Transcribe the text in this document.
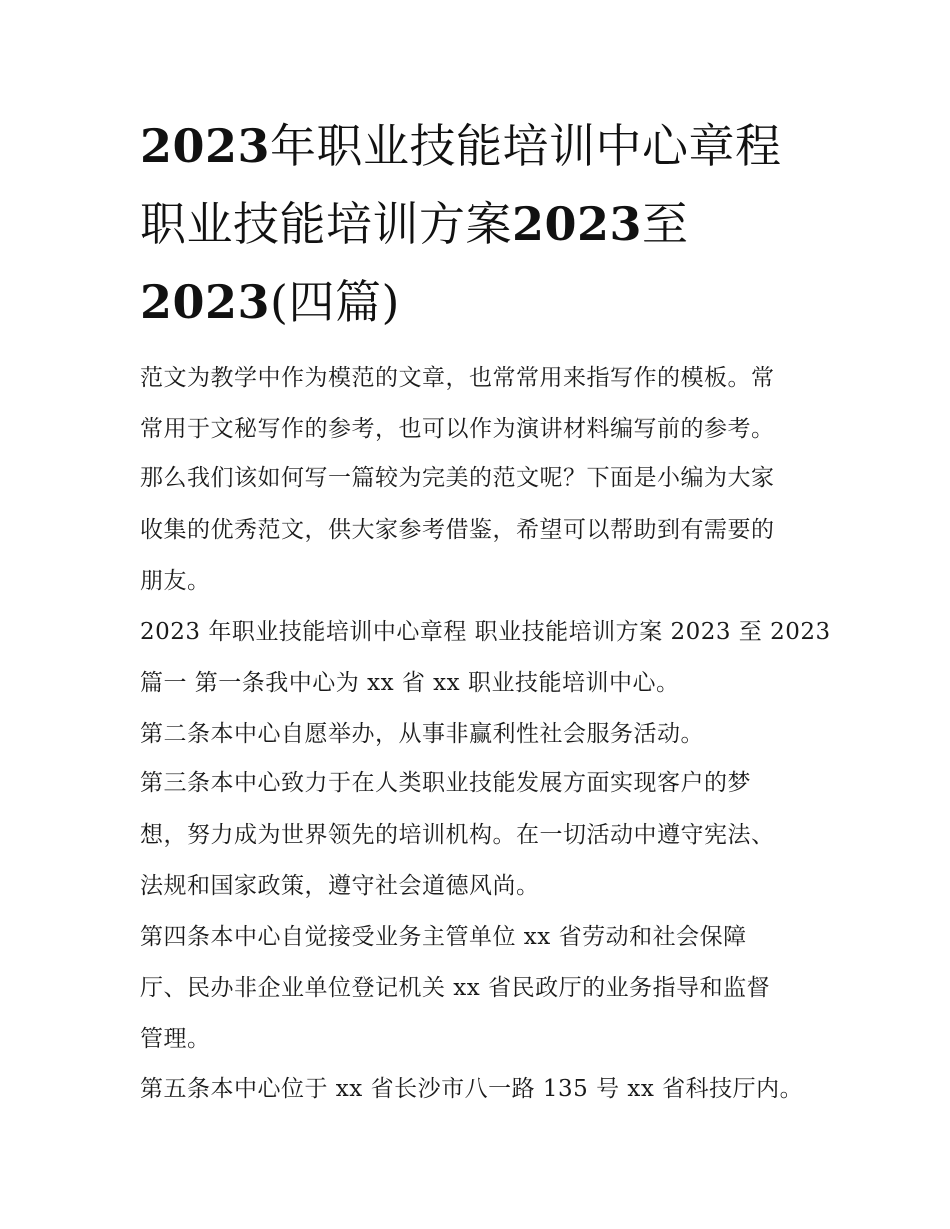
2023年职业技能培训中心章程
职业技能培训方案2023至
2023(四篇)

范文为教学中作为模范的文章，也常常用来指写作的模板。常

常用于文秘写作的参考，也可以作为演讲材料编写前的参考。

那么我们该如何写一篇较为完美的范文呢？下面是小编为大家

收集的优秀范文，供大家参考借鉴，希望可以帮助到有需要的

朋友。

2023 年职业技能培训中心章程 职业技能培训方案 2023 至 2023

篇一 第一条我中心为 xx 省 xx 职业技能培训中心。

第二条本中心自愿举办，从事非赢利性社会服务活动。

第三条本中心致力于在人类职业技能发展方面实现客户的梦

想，努力成为世界领先的培训机构。在一切活动中遵守宪法、

法规和国家政策，遵守社会道德风尚。

第四条本中心自觉接受业务主管单位 xx 省劳动和社会保障

厅、民办非企业单位登记机关 xx 省民政厅的业务指导和监督

管理。

第五条本中心位于 xx 省长沙市八一路 135 号 xx 省科技厅内。
